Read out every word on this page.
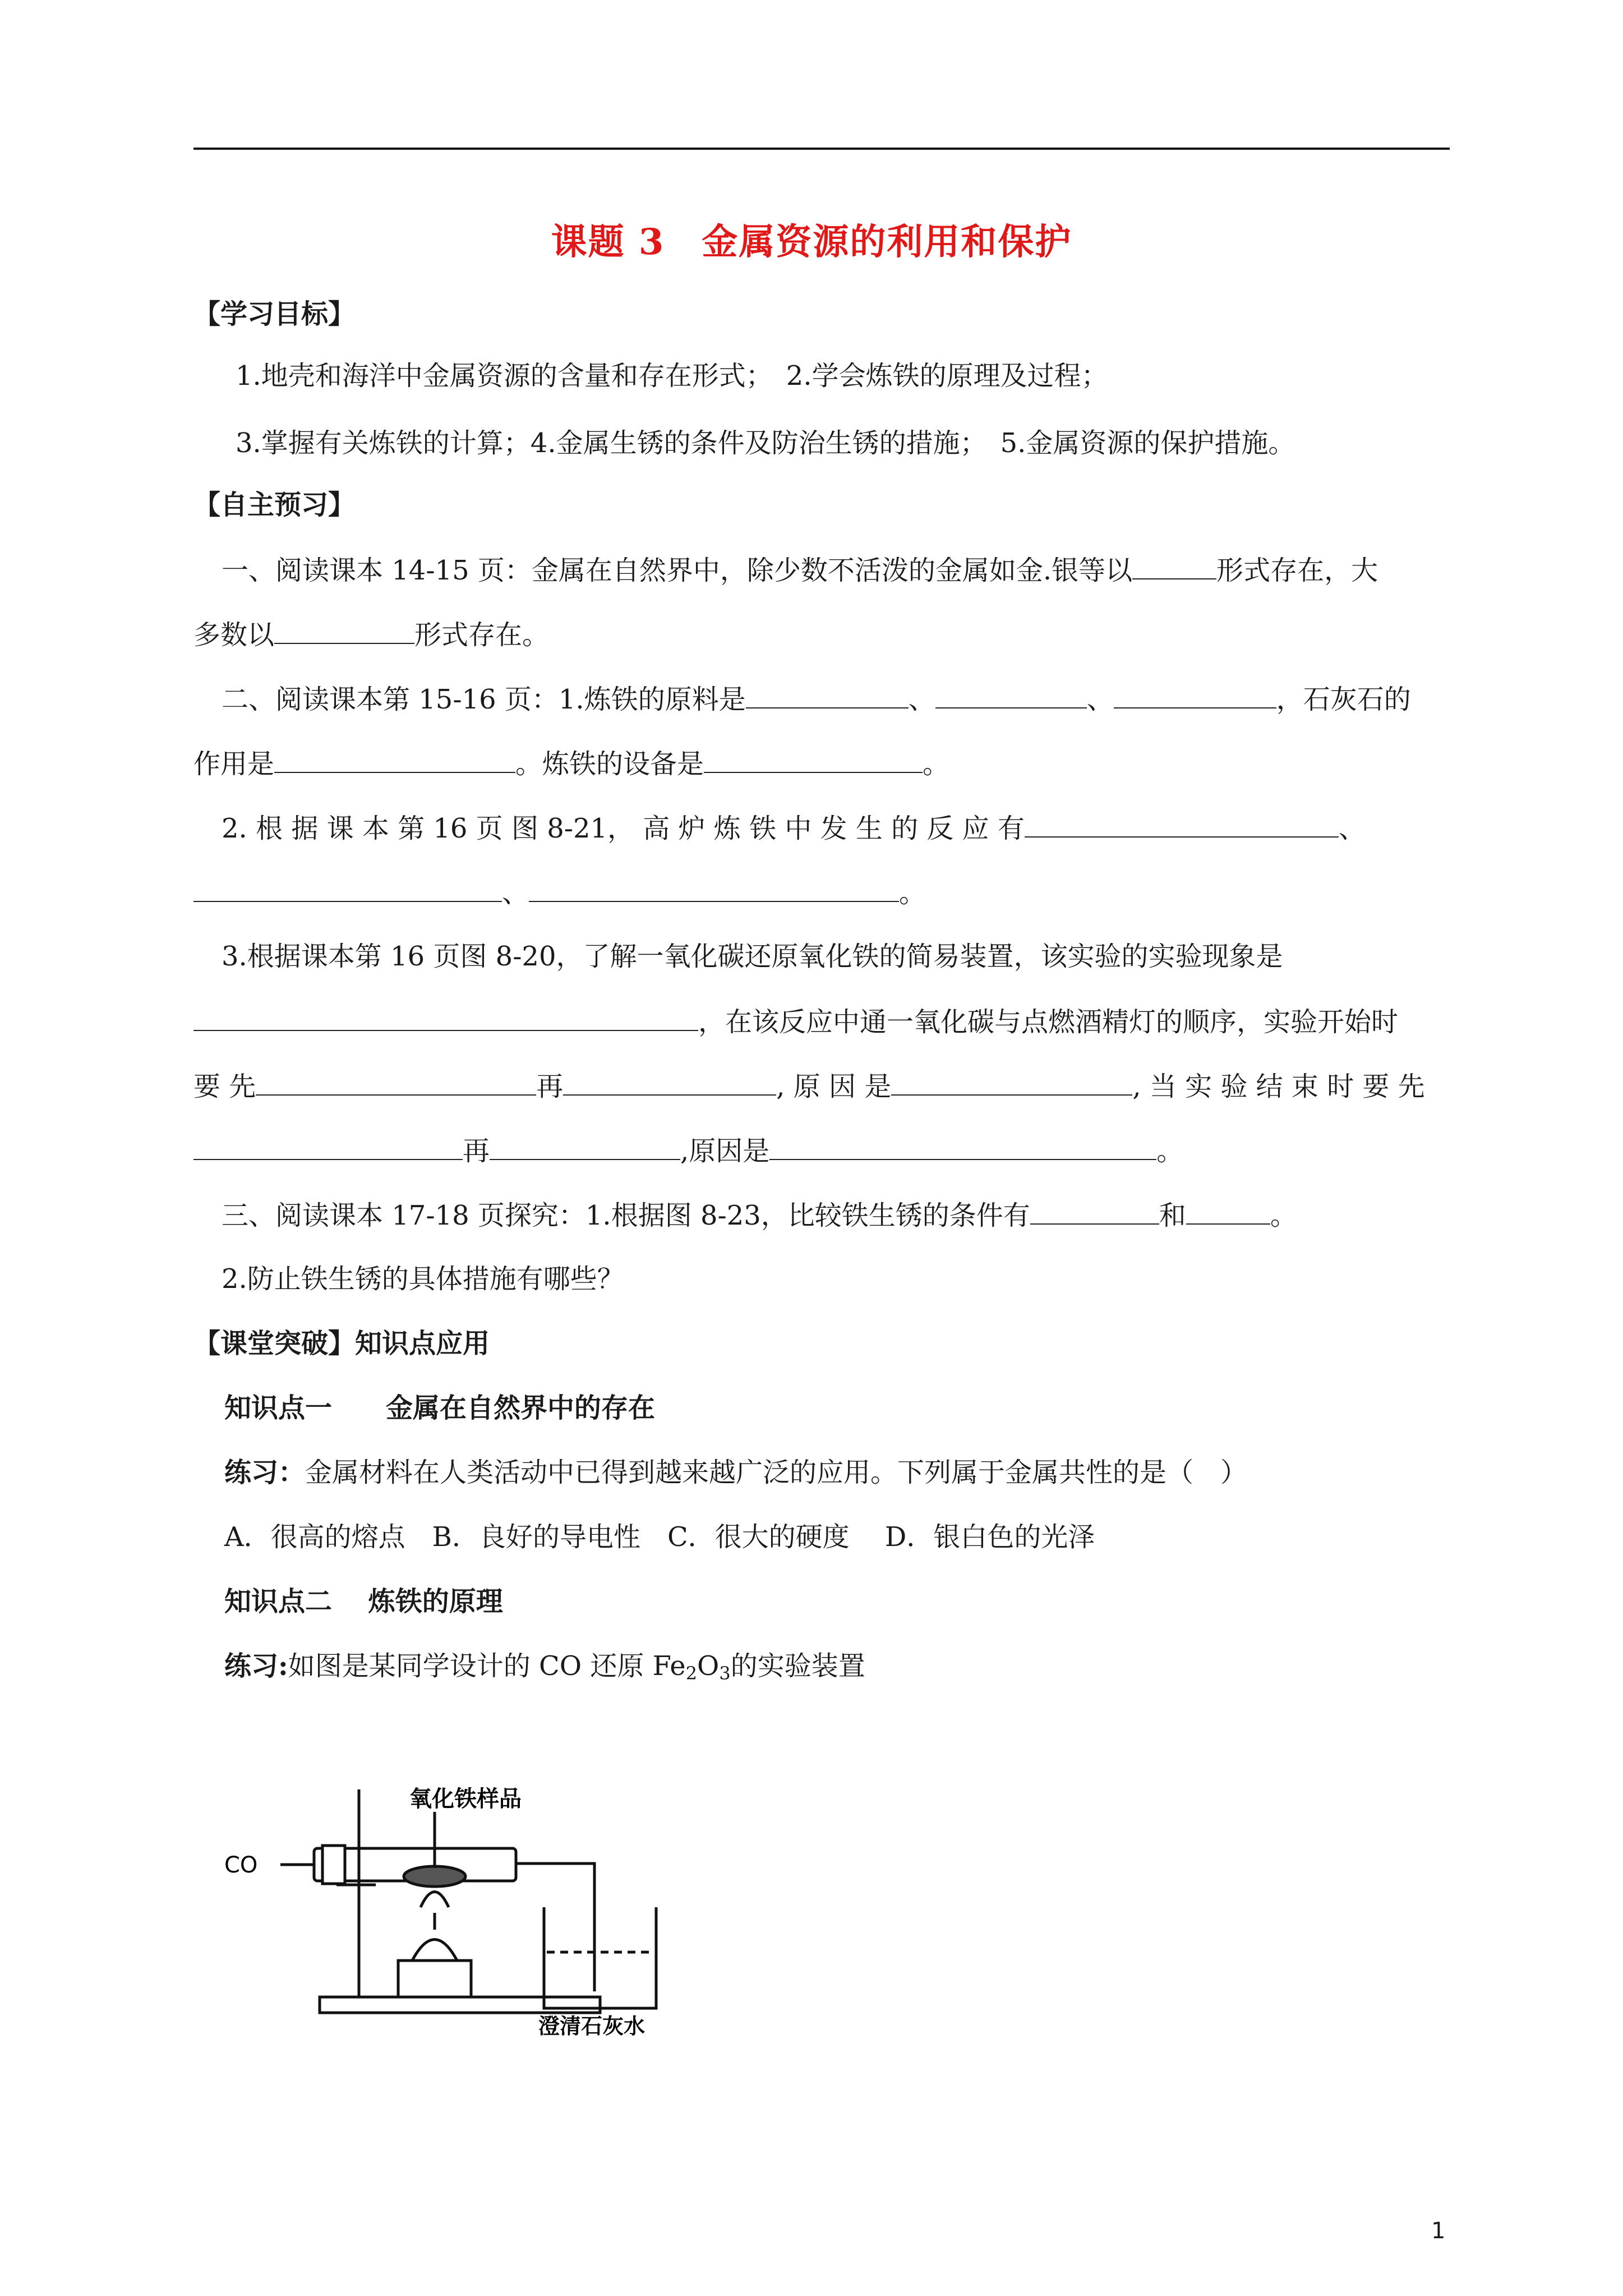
课题 3　金属资源的利用和保护
【学习目标】
1.地壳和海洋中金属资源的含量和存在形式；　2.学会炼铁的原理及过程；
3.掌握有关炼铁的计算；4.金属生锈的条件及防治生锈的措施；　5.金属资源的保护措施。
【自主预习】
一、阅读课本 14-15 页：金属在自然界中，除少数不活泼的金属如金.银等以	形式存在，大
多数以	形式存在。
二、阅读课本第 15-16 页：1.炼铁的原料是	、	、	，石灰石的
作用是	。炼铁的设备是	。
2. 根 据 课 本 第 16 页 图 8-21， 高 炉 炼 铁 中 发 生 的 反 应 有	、
、	。
3.根据课本第 16 页图 8-20，了解一氧化碳还原氧化铁的简易装置，该实验的实验现象是
，在该反应中通一氧化碳与点燃酒精灯的顺序，实验开始时
要 先	再	, 原 因 是	, 当 实 验 结 束 时 要 先
再	,原因是	。
三、阅读课本 17-18 页探究：1.根据图 8-23，比较铁生锈的条件有	和	。
2.防止铁生锈的具体措施有哪些？
【课堂突破】知识点应用
知识点一　　金属在自然界中的存在
练习：金属材料在人类活动中已得到越来越广泛的应用。下列属于金属共性的是（　）
A．很高的熔点　B．良好的导电性　C．很大的硬度　 D．银白色的光泽
知识点二　 炼铁的原理
练习:如图是某同学设计的 CO 还原 $Fe_2O_3$的实验装置
氧化铁样品
CO
澄清石灰水
1
